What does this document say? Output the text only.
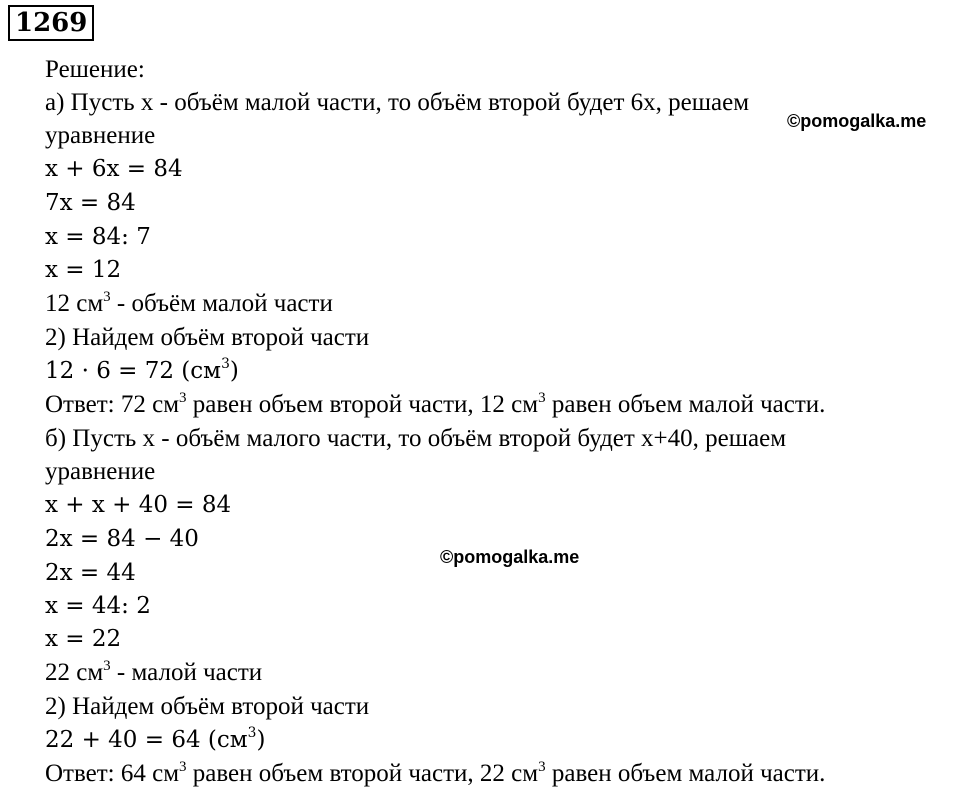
1269
©pomogalka.me
©pomogalka.me
Решение:
а) Пусть х - объём малой части, то объём второй будет 6х, решаем
уравнение
x + 6x = 84
7x = 84
x = 84: 7
x = 12
12 $см^3$ - объём малой части
2) Найдем объём второй части
12 · 6 = 72 $(см^3)$
Ответ: 72 $см^3$ равен объем второй части, 12 $см^3$ равен объем малой части.
б) Пусть х - объём малого части, то объём второй будет х+40, решаем
уравнение
x + x + 40 = 84
2x = 84 − 40
2x = 44
x = 44: 2
x = 22
22 $см^3$ - малой части
2) Найдем объём второй части
22 + 40 = 64 $(см^3)$
Ответ: 64 $см^3$ равен объем второй части, 22 $см^3$ равен объем малой части.
